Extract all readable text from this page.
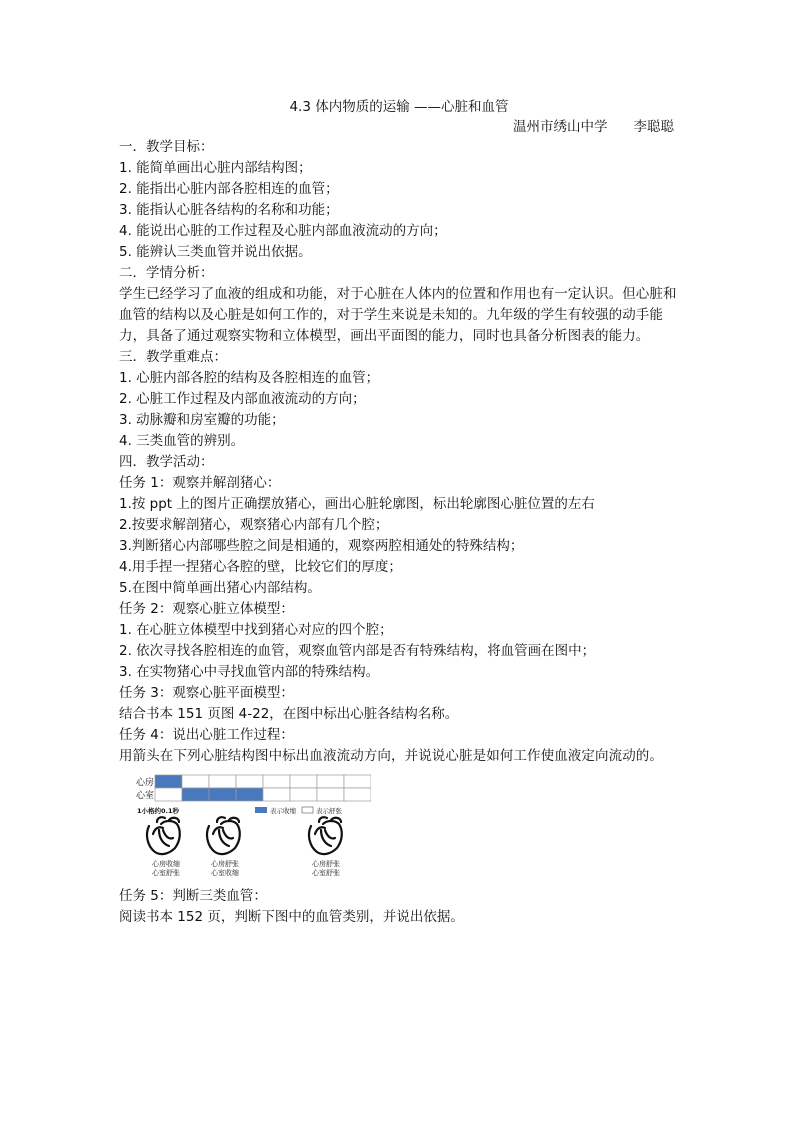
4.3 体内物质的运输 ——心脏和血管

温州市绣山中学 李聪聪

一．教学目标：

1. 能简单画出心脏内部结构图；

2. 能指出心脏内部各腔相连的血管；

3. 能指认心脏各结构的名称和功能；

4. 能说出心脏的工作过程及心脏内部血液流动的方向；

5. 能辨认三类血管并说出依据。

二．学情分析：

学生已经学习了血液的组成和功能，对于心脏在人体内的位置和作用也有一定认识。但心脏和血管的结构以及心脏是如何工作的，对于学生来说是未知的。九年级的学生有较强的动手能力，具备了通过观察实物和立体模型，画出平面图的能力，同时也具备分析图表的能力。

三．教学重难点：

1. 心脏内部各腔的结构及各腔相连的血管；

2. 心脏工作过程及内部血液流动的方向；

3. 动脉瓣和房室瓣的功能；

4. 三类血管的辨别。

四．教学活动：

任务 1：观察并解剖猪心：

1.按 ppt 上的图片正确摆放猪心，画出心脏轮廓图，标出轮廓图心脏位置的左右

2.按要求解剖猪心，观察猪心内部有几个腔；

3.判断猪心内部哪些腔之间是相通的，观察两腔相通处的特殊结构；

4.用手捏一捏猪心各腔的壁，比较它们的厚度；

5.在图中简单画出猪心内部结构。

任务 2：观察心脏立体模型：

1. 在心脏立体模型中找到猪心对应的四个腔；

2. 依次寻找各腔相连的血管，观察血管内部是否有特殊结构，将血管画在图中；

3. 在实物猪心中寻找血管内部的特殊结构。

任务 3：观察心脏平面模型：

结合书本 151 页图 4-22，在图中标出心脏各结构名称。

任务 4：说出心脏工作过程：

用箭头在下列心脏结构图中标出血液流动方向，并说说心脏是如何工作使血液定向流动的。

心房
心室
1小格约0.1秒	表示收缩	表示舒张
心房收缩
心室舒张
心房舒张
心室收缩
心房舒张
心室舒张

任务 5：判断三类血管：

阅读书本 152 页，判断下图中的血管类别，并说出依据。
